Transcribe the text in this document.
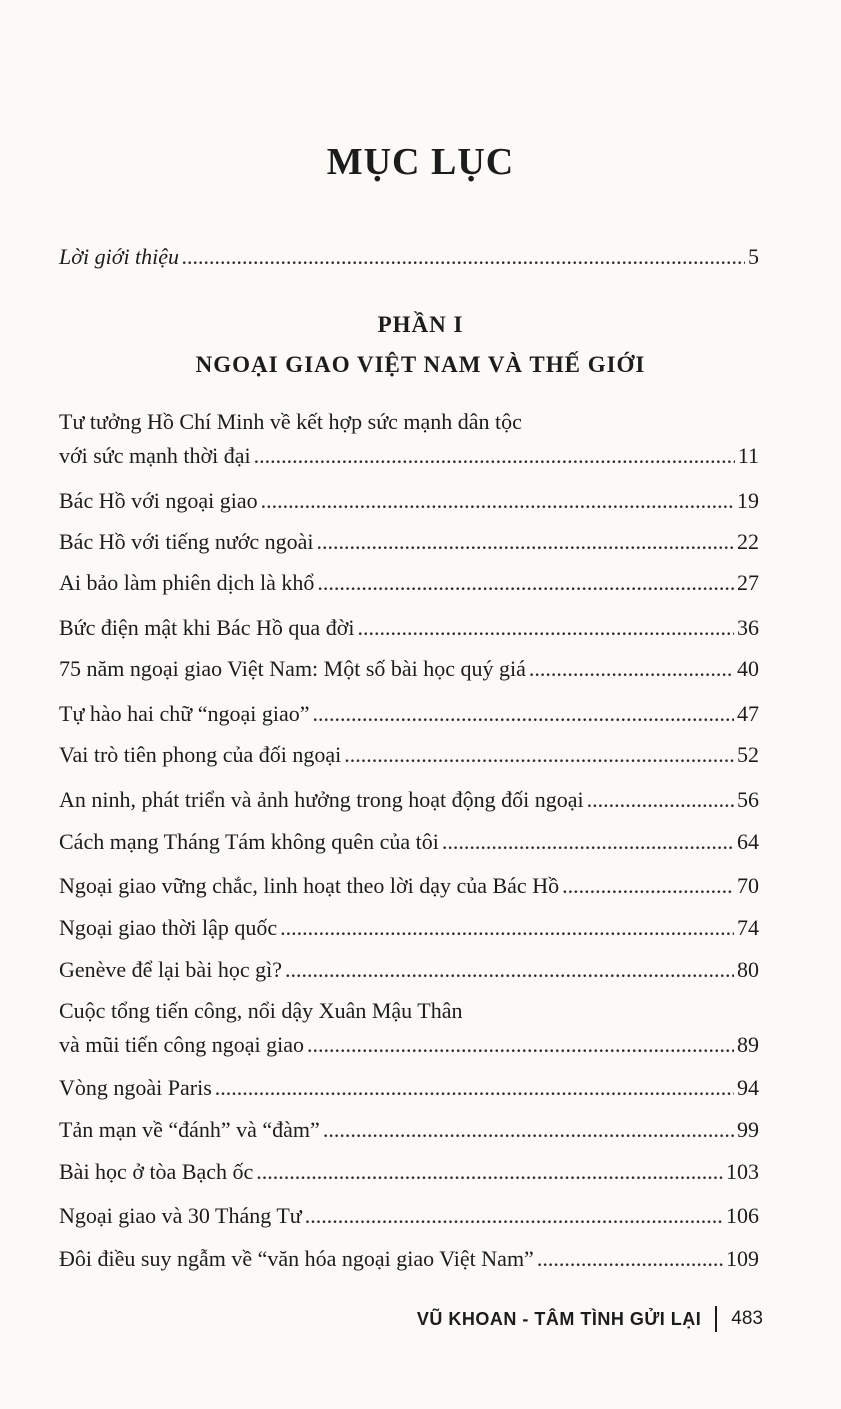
MỤC LỤC
Lời giới thiệu .....	5
PHẦN I
NGOẠI GIAO VIỆT NAM VÀ THẾ GIỚI
Tư tưởng Hồ Chí Minh về kết hợp sức mạnh dân tộc
với sức mạnh thời đại .....	11
Bác Hồ với ngoại giao .....	19
Bác Hồ với tiếng nước ngoài .....	22
Ai bảo làm phiên dịch là khổ .....	27
Bức điện mật khi Bác Hồ qua đời .....	36
75 năm ngoại giao Việt Nam: Một số bài học quý giá .....	40
Tự hào hai chữ “ngoại giao” .....	47
Vai trò tiên phong của đối ngoại .....	52
An ninh, phát triển và ảnh hưởng trong hoạt động đối ngoại .....	56
Cách mạng Tháng Tám không quên của tôi .....	64
Ngoại giao vững chắc, linh hoạt theo lời dạy của Bác Hồ .....	70
Ngoại giao thời lập quốc .....	74
Genève để lại bài học gì? .....	80
Cuộc tổng tiến công, nổi dậy Xuân Mậu Thân
và mũi tiến công ngoại giao .....	89
Vòng ngoài Paris .....	94
Tản mạn về “đánh” và “đàm” .....	99
Bài học ở tòa Bạch ốc .....	103
Ngoại giao và 30 Tháng Tư .....	106
Đôi điều suy ngẫm về “văn hóa ngoại giao Việt Nam” .....	109
VŨ KHOAN - TÂM TÌNH GỬI LẠI 483
